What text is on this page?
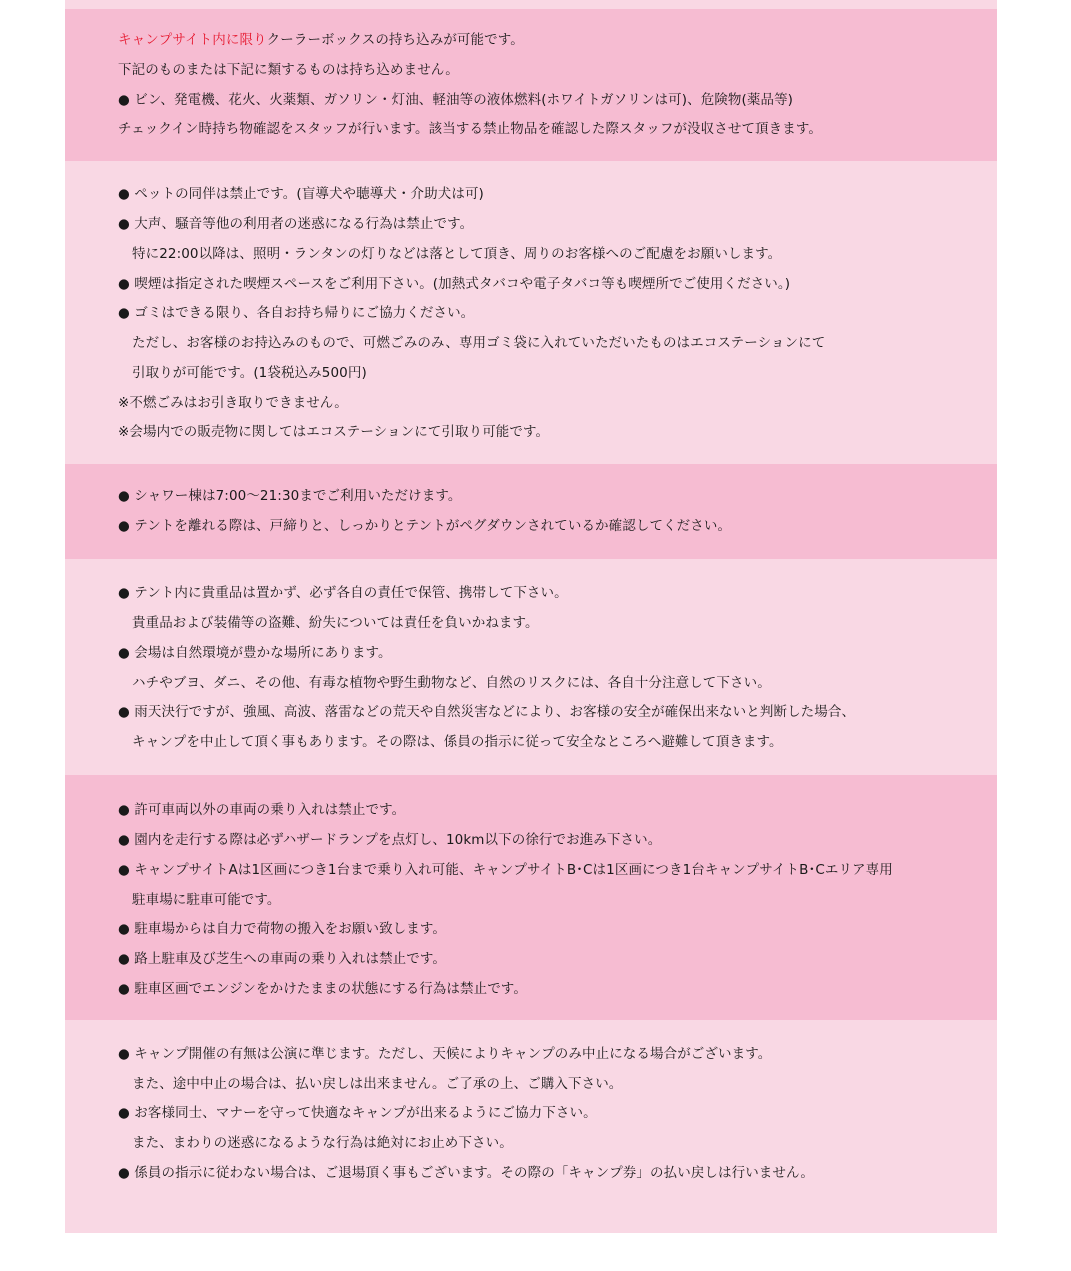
キャンプサイト内に限りクーラーボックスの持ち込みが可能です。
下記のものまたは下記に類するものは持ち込めません。
● ビン、発電機、花火、火薬類、ガソリン・灯油、軽油等の液体燃料(ホワイトガソリンは可)、危険物(薬品等)
チェックイン時持ち物確認をスタッフが行います。該当する禁止物品を確認した際スタッフが没収させて頂きます。
● ペットの同伴は禁止です。(盲導犬や聴導犬・介助犬は可)
● 大声、騒音等他の利用者の迷惑になる行為は禁止です。
特に22:00以降は、照明・ランタンの灯りなどは落として頂き、周りのお客様へのご配慮をお願いします。
● 喫煙は指定された喫煙スペースをご利用下さい。(加熱式タバコや電子タバコ等も喫煙所でご使用ください。)
● ゴミはできる限り、各自お持ち帰りにご協力ください。
ただし、お客様のお持込みのもので、可燃ごみのみ、専用ゴミ袋に入れていただいたものはエコステーションにて
引取りが可能です。(1袋税込み500円)
※不燃ごみはお引き取りできません。
※会場内での販売物に関してはエコステーションにて引取り可能です。
● シャワー棟は7:00～21:30までご利用いただけます。
● テントを離れる際は、戸締りと、しっかりとテントがペグダウンされているか確認してください。
● テント内に貴重品は置かず、必ず各自の責任で保管、携帯して下さい。
貴重品および装備等の盗難、紛失については責任を負いかねます。
● 会場は自然環境が豊かな場所にあります。
ハチやブヨ、ダニ、その他、有毒な植物や野生動物など、自然のリスクには、各自十分注意して下さい。
● 雨天決行ですが、強風、高波、落雷などの荒天や自然災害などにより、お客様の安全が確保出来ないと判断した場合、
キャンプを中止して頂く事もあります。その際は、係員の指示に従って安全なところへ避難して頂きます。
● 許可車両以外の車両の乗り入れは禁止です。
● 園内を走行する際は必ずハザードランプを点灯し、10km以下の徐行でお進み下さい。
● キャンプサイトAは1区画につき1台まで乗り入れ可能、キャンプサイトB･Cは1区画につき1台キャンプサイトB･Cエリア専用
駐車場に駐車可能です。
● 駐車場からは自力で荷物の搬入をお願い致します。
● 路上駐車及び芝生への車両の乗り入れは禁止です。
● 駐車区画でエンジンをかけたままの状態にする行為は禁止です。
● キャンプ開催の有無は公演に準じます。ただし、天候によりキャンプのみ中止になる場合がございます。
また、途中中止の場合は、払い戻しは出来ません。ご了承の上、ご購入下さい。
● お客様同士、マナーを守って快適なキャンプが出来るようにご協力下さい。
また、まわりの迷惑になるような行為は絶対にお止め下さい。
● 係員の指示に従わない場合は、ご退場頂く事もございます。その際の「キャンプ券」の払い戻しは行いません。
